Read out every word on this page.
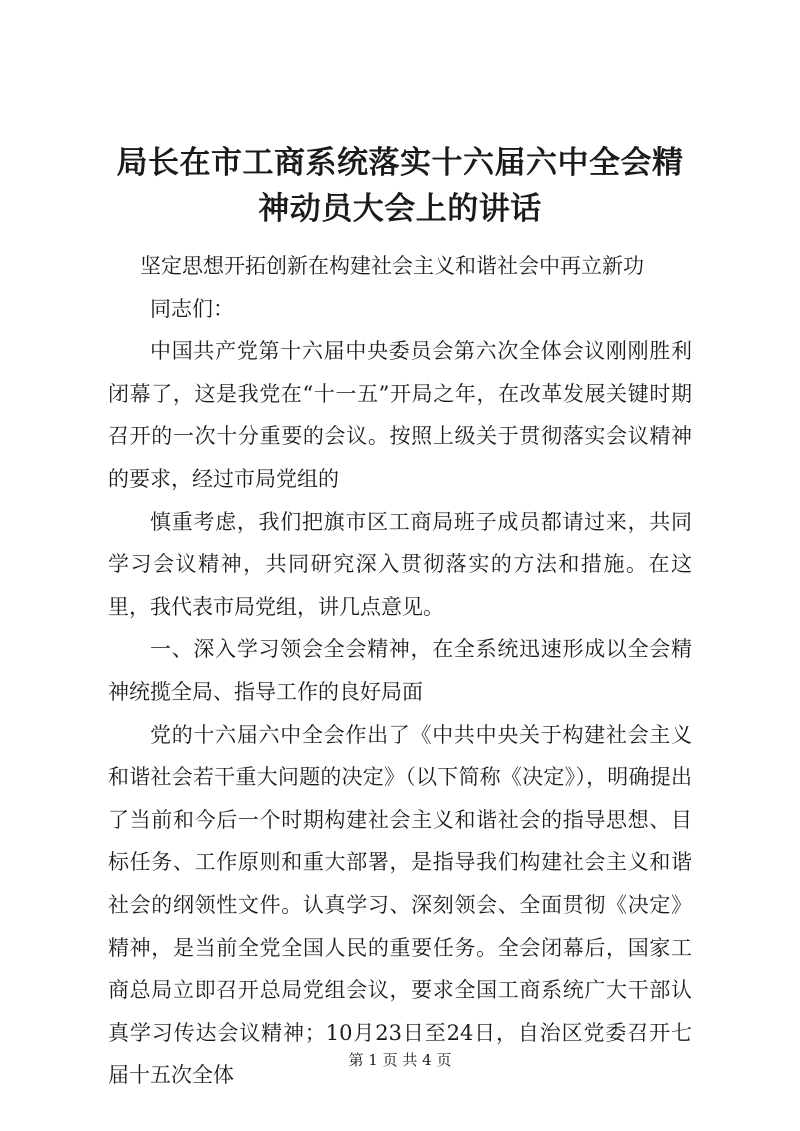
局长在市工商系统落实十六届六中全会精神动员大会上的讲话

坚定思想开拓创新在构建社会主义和谐社会中再立新功

同志们：

中国共产党第十六届中央委员会第六次全体会议刚刚胜利闭幕了，这是我党在“十一五”开局之年，在改革发展关键时期召开的一次十分重要的会议。按照上级关于贯彻落实会议精神的要求，经过市局党组的

慎重考虑，我们把旗市区工商局班子成员都请过来，共同学习会议精神，共同研究深入贯彻落实的方法和措施。在这里，我代表市局党组，讲几点意见。

一、深入学习领会全会精神，在全系统迅速形成以全会精神统揽全局、指导工作的良好局面

党的十六届六中全会作出了《中共中央关于构建社会主义和谐社会若干重大问题的决定》（以下简称《决定》），明确提出了当前和今后一个时期构建社会主义和谐社会的指导思想、目标任务、工作原则和重大部署，是指导我们构建社会主义和谐社会的纲领性文件。认真学习、深刻领会、全面贯彻《决定》精神，是当前全党全国人民的重要任务。全会闭幕后，国家工商总局立即召开总局党组会议，要求全国工商系统广大干部认真学习传达会议精神；10月23日至24日，自治区党委召开七届十五次全体

第 1 页 共 4 页
